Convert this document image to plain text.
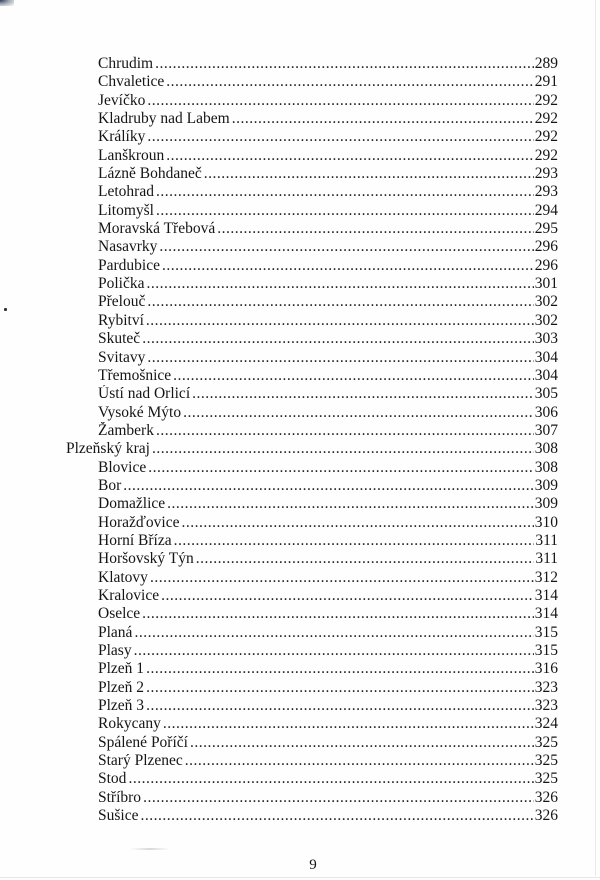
Chrudim .....	289
Chvaletice .....	291
Jevíčko .....	292
Kladruby nad Labem .....	292
Králíky .....	292
Lanškroun .....	292
Lázně Bohdaneč .....	293
Letohrad .....	293
Litomyšl .....	294
Moravská Třebová .....	295
Nasavrky .....	296
Pardubice .....	296
Polička .....	301
Přelouč .....	302
Rybitví .....	302
Skuteč .....	303
Svitavy .....	304
Třemošnice .....	304
Ústí nad Orlicí .....	305
Vysoké Mýto .....	306
Žamberk .....	307
Plzeňský kraj .....	308
Blovice .....	308
Bor .....	309
Domažlice .....	309
Horažďovice .....	310
Horní Bříza .....	311
Horšovský Týn .....	311
Klatovy .....	312
Kralovice .....	314
Oselce .....	314
Planá .....	315
Plasy .....	315
Plzeň 1 .....	316
Plzeň 2 .....	323
Plzeň 3 .....	323
Rokycany .....	324
Spálené Poříčí .....	325
Starý Plzenec .....	325
Stod .....	325
Stříbro .....	326
Sušice .....	326
9
